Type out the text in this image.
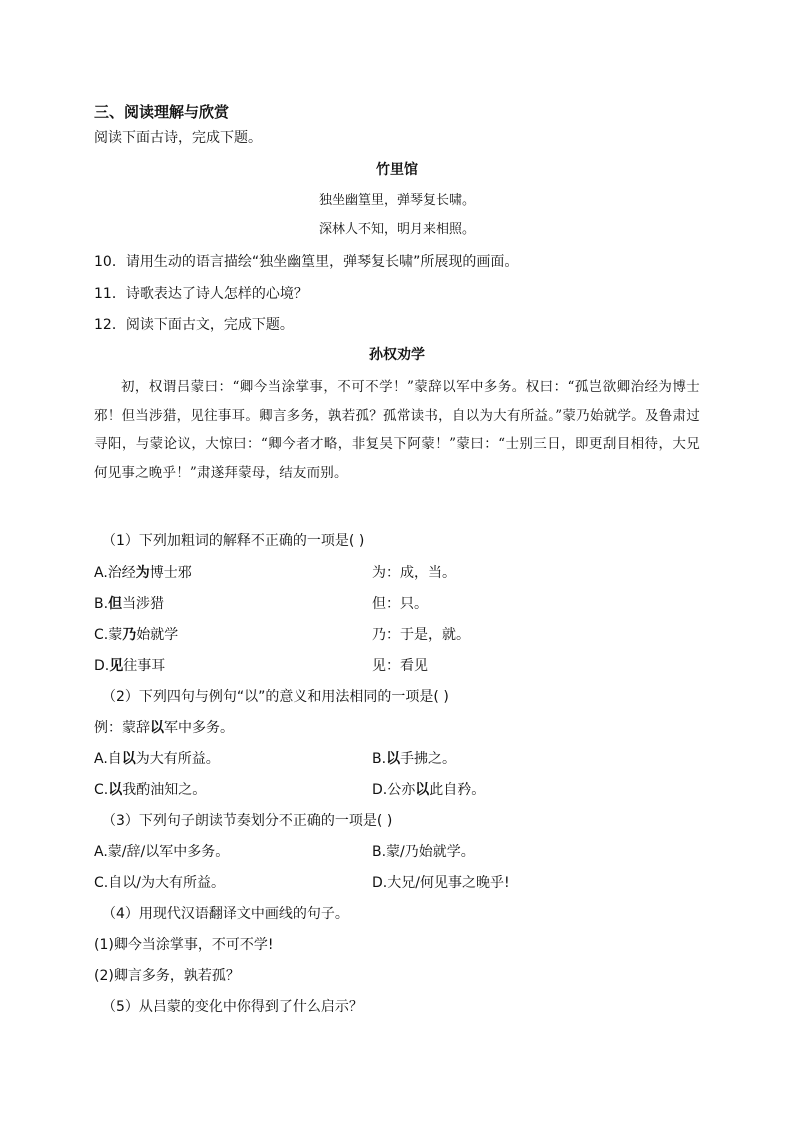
三、阅读理解与欣赏
阅读下面古诗，完成下题。
竹里馆
独坐幽篁里，弹琴复长啸。
深林人不知，明月来相照。
10．请用生动的语言描绘“独坐幽篁里，弹琴复长啸”所展现的画面。
11．诗歌表达了诗人怎样的心境？
12．阅读下面古文，完成下题。
孙权劝学
初，权谓吕蒙曰：“卿今当涂掌事，不可不学！”蒙辞以军中多务。权曰：“孤岂欲卿治经为博士邪！但当涉猎，见往事耳。卿言多务，孰若孤？孤常读书，自以为大有所益。”蒙乃始就学。及鲁肃过寻阳，与蒙论议，大惊曰：“卿今者才略，非复吴下阿蒙！”蒙曰：“士别三日，即更刮目相待，大兄何见事之晚乎！”肃遂拜蒙母，结友而别。
（1）下列加粗词的解释不正确的一项是( )
A.治经为博士邪	为：成，当。
B.但当涉猎	但：只。
C.蒙乃始就学	乃：于是，就。
D.见往事耳	见：看见
（2）下列四句与例句“以”的意义和用法相同的一项是( )
例：蒙辞以军中多务。
A.自以为大有所益。	B.以手拂之。
C.以我酌油知之。	D.公亦以此自矜。
（3）下列句子朗读节奏划分不正确的一项是( )
A.蒙/辞/以军中多务。	B.蒙/乃始就学。
C.自以/为大有所益。	D.大兄/何见事之晚乎!
（4）用现代汉语翻译文中画线的句子。
(1)卿今当涂掌事，不可不学!
(2)卿言多务，孰若孤？
（5）从吕蒙的变化中你得到了什么启示？
